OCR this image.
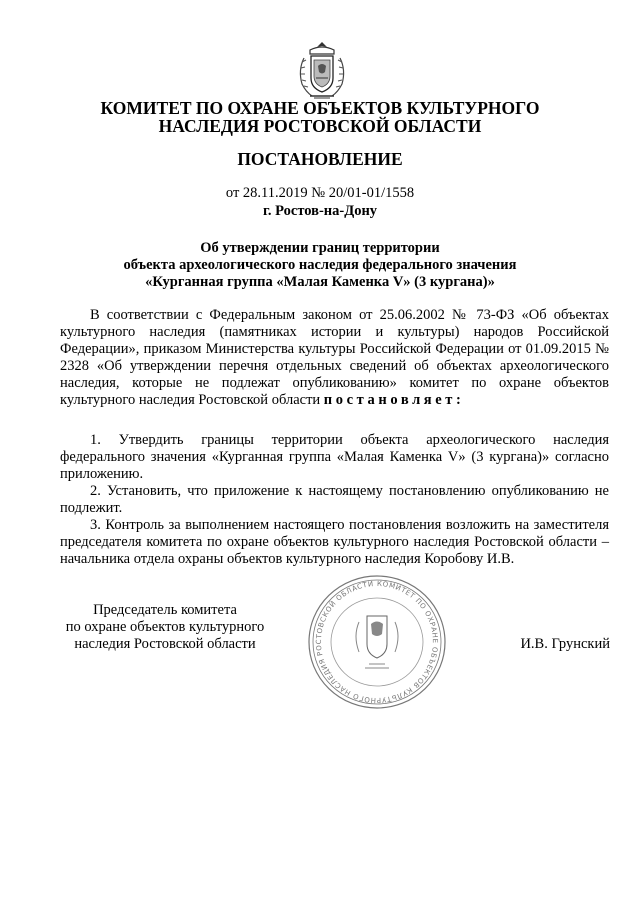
КОМИТЕТ ПО ОХРАНЕ ОБЪЕКТОВ КУЛЬТУРНОГО
НАСЛЕДИЯ РОСТОВСКОЙ ОБЛАСТИ
ПОСТАНОВЛЕНИЕ
от 28.11.2019 № 20/01-01/1558
г. Ростов-на-Дону
Об утверждении границ территории
объекта археологического наследия федерального значения
«Курганная группа «Малая Каменка V» (3 кургана)»
В соответствии с Федеральным законом от 25.06.2002 № 73-ФЗ «Об объектах культурного наследия (памятниках истории и культуры) народов Российской Федерации», приказом Министерства культуры Российской Федерации от 01.09.2015 № 2328 «Об утверждении перечня отдельных сведений об объектах археологического наследия, которые не подлежат опубликованию» комитет по охране объектов культурного наследия Ростовской области постановляет:
1. Утвердить границы территории объекта археологического наследия федерального значения «Курганная группа «Малая Каменка V» (3 кургана)» согласно приложению.
2. Установить, что приложение к настоящему постановлению опубликованию не подлежит.
3. Контроль за выполнением настоящего постановления возложить на заместителя председателя комитета по охране объектов культурного наследия Ростовской области – начальника отдела охраны объектов культурного наследия Коробову И.В.
Председатель комитета
по охране объектов культурного
наследия Ростовской области
КОМИТЕТ ПО ОХРАНЕ ОБЪЕКТОВ КУЛЬТУРНОГО НАСЛЕДИЯ РОСТОВСКОЙ ОБЛАСТИ
И.В. Грунский
